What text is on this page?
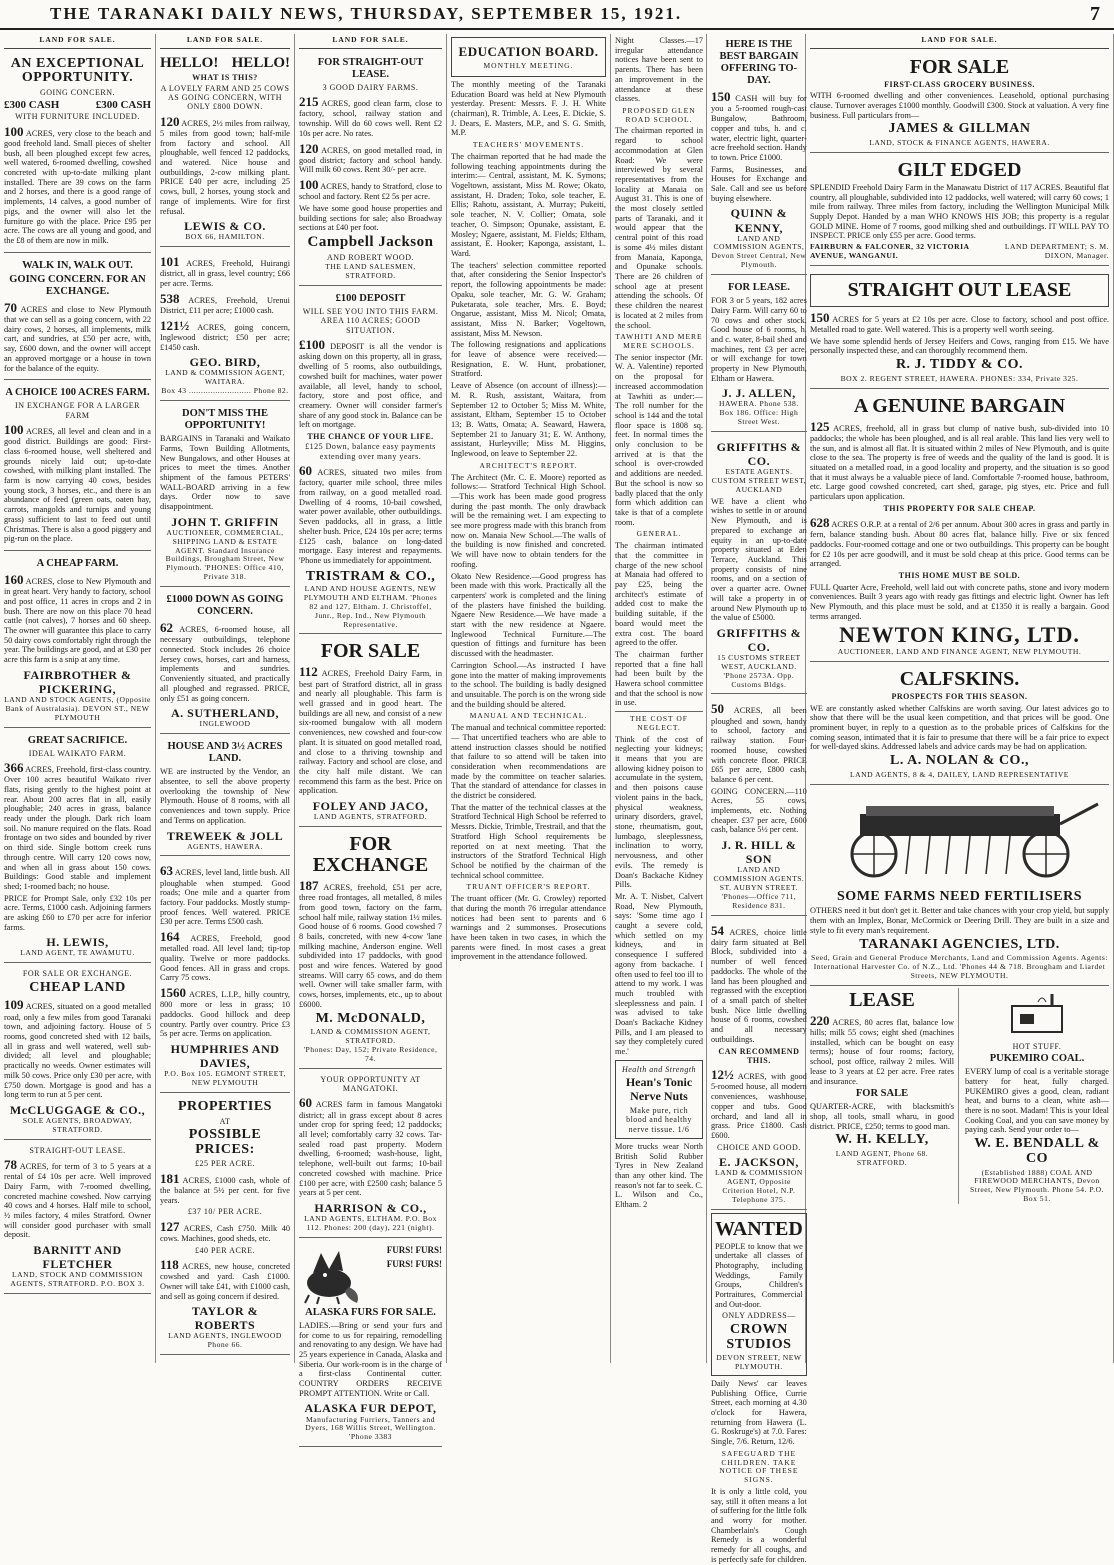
THE TARANAKI DAILY NEWS, THURSDAY, SEPTEMBER 15, 1921.	7
LAND FOR SALE.
AN EXCEPTIONAL OPPORTUNITY.
GOING CONCERN.
£300 CASH	£300 CASH
WITH FURNITURE INCLUDED.

100 ACRES, very close to the beach and good freehold land. Small pieces of shelter bush, all been ploughed except few acres, well watered, 6-roomed dwelling, cowshed concreted with up-to-date milking plant installed. There are 39 cows on the farm and 2 horses, and there is a good range of implements, 14 calves, a good number of pigs, and the owner will also let the furniture go with the place. Price £95 per acre. The cows are all young and good, and the £8 of them are now in milk.

WALK IN, WALK OUT.
GOING CONCERN. FOR AN EXCHANGE.

70 ACRES and close to New Plymouth that we can sell as a going concern, with 22 dairy cows, 2 horses, all implements, milk cart, and sundries, at £50 per acre, with, say, £600 down, and the owner will accept an approved mortgage or a house in town for the balance of the equity.

A CHOICE 100 ACRES FARM.
IN EXCHANGE FOR A LARGER FARM

100 ACRES, all level and clean and in a good district. Buildings are good: First-class 6-roomed house, well sheltered and grounds nicely laid out; up-to-date cowshed, with milking plant installed. The farm is now carrying 40 cows, besides young stock, 3 horses, etc., and there is an abundance of feed (green oats, oaten hay, carrots, mangolds and turnips and young grass) sufficient to last to feed out until Christmas. There is also a good piggery and pig-run on the place.

A CHEAP FARM.

160 ACRES, close to New Plymouth and in great heart. Very handy to factory, school and post office, 11 acres in crops and 2 in bush. There are now on this place 70 head cattle (not calves), 7 horses and 60 sheep. The owner will guarantee this place to carry 50 dairy cows comfortably right through the year. The buildings are good, and at £30 per acre this farm is a snip at any time.

FAIRBROTHER & PICKERING,
LAND AND STOCK AGENTS, (Opposite Bank of Australasia). DEVON ST., NEW PLYMOUTH
GREAT SACRIFICE.
IDEAL WAIKATO FARM.

366 ACRES, Freehold, first-class country. Over 100 acres beautiful Waikato river flats, rising gently to the highest point at rear. About 200 acres flat in all, easily ploughable; 240 acres in grass, balance ready under the plough. Dark rich loam soil. No manure required on the flats. Road frontage on two sides and bounded by river on third side. Single bottom creek runs through centre. Will carry 120 cows now, and when all in grass about 150 cows. Buildings: Good stable and implement shed; 1-roomed bach; no house.

PRICE for Prompt Sale, only £32 10s per acre. Terms, £1000 cash. Adjoining farmers are asking £60 to £70 per acre for inferior farms.

H. LEWIS,
LAND AGENT, TE AWAMUTU.
FOR SALE OR EXCHANGE.
CHEAP LAND

109 ACRES, situated on a good metalled road, only a few miles from good Taranaki town, and adjoining factory. House of 5 rooms, good concreted shed with 12 bails, all in grass and well watered, well sub-divided; all level and ploughable; practically no weeds. Owner estimates will milk 50 cows. Price only £30 per acre, with £750 down. Mortgage is good and has a long term to run at 5 per cent.

McCLUGGAGE & CO.,
SOLE AGENTS, BROADWAY, STRATFORD.
STRAIGHT-OUT LEASE.

78 ACRES, for term of 3 to 5 years at a rental of £4 10s per acre. Well improved Dairy Farm, with 7-roomed dwelling, concreted machine cowshed. Now carrying 40 cows and 4 horses. Half mile to school, ½ miles factory, 4 miles Stratford. Owner will consider good purchaser with small deposit.

BARNITT AND FLETCHER
LAND, STOCK AND COMMISSION AGENTS, STRATFORD. P.O. BOX 3.
LAND FOR SALE.
HELLO! HELLO!
WHAT IS THIS?
A LOVELY FARM AND 25 COWS AS GOING CONCERN, WITH ONLY £800 DOWN.

120 ACRES, 2½ miles from railway, 5 miles from good town; half-mile from factory and school. All ploughable, well fenced 12 paddocks, and watered. Nice house and outbuildings, 2-cow milking plant. PRICE £40 per acre, including 25 cows, bull, 2 horses, young stock and range of implements. Wire for first refusal.

LEWIS & CO.
BOX 66, HAMILTON.

101 ACRES, Freehold, Huirangi district, all in grass, level country; £66 per acre. Terms.

538 ACRES, Freehold, Urenui District, £11 per acre; £1000 cash.

121½ ACRES, going concern, Inglewood district; £50 per acre; £1450 cash.

GEO. BIRD,
LAND & COMMISSION AGENT, WAITARA.
Box 43 .......................... Phone 82.
DON'T MISS THE OPPORTUNITY!

BARGAINS in Taranaki and Waikato Farms, Town Building Allotments, New Bungalows, and other Houses at prices to meet the times. Another shipment of the famous PETERS' WALL-BOARD arriving in a few days. Order now to save disappointment.

JOHN T. GRIFFIN
AUCTIONEER, COMMERCIAL, SHIPPING LAND & ESTATE AGENT. Standard Insurance Buildings, Brougham Street, New Plymouth. 'PHONES: Office 410, Private 318.
£1000 DOWN AS GOING CONCERN.

62 ACRES, 6-roomed house, all necessary outbuildings, telephone connected. Stock includes 26 choice Jersey cows, horses, cart and harness, implements and sundries. Conveniently situated, and practically all ploughed and regrassed. PRICE, only £51 as going concern.

A. SUTHERLAND,
INGLEWOOD
HOUSE AND 3½ ACRES LAND.

WE are instructed by the Vendor, an absentee, to sell the above property overlooking the township of New Plymouth. House of 8 rooms, with all conveniences and town supply. Price and Terms on application.

TREWEEK & JOLL
AGENTS, HAWERA.

63 ACRES, level land, little bush. All ploughable when stumped. Good roads; One mile and a quarter from factory. Four paddocks. Mostly stump-proof fences. Well watered. PRICE £30 per acre. Terms £500 cash.

164 ACRES, Freehold, good metalled road. All level land; tip-top quality. Twelve or more paddocks. Good fences. All in grass and crops. Carry 75 cows.

1560 ACRES, L.I.P., hilly country, 800 more or less in grass; 10 paddocks. Good hillock and deep country. Partly over country. Price £3 5s per acre. Terms on application.

HUMPHRIES AND DAVIES,
P.O. Box 105. EGMONT STREET, NEW PLYMOUTH
PROPERTIES
AT
POSSIBLE PRICES:
£25 PER ACRE.

181 ACRES, £1000 cash, whole of the balance at 5½ per cent. for five years.

£37 10/ PER ACRE.

127 ACRES, Cash £750. Milk 40 cows. Machines, good sheds, etc.

£40 PER ACRE.

118 ACRES, new house, concreted cowshed and yard. Cash £1000. Owner will take £41, with £1000 cash, and sell as going concern if desired.

TAYLOR & ROBERTS
LAND AGENTS, INGLEWOOD Phone 66.
LAND FOR SALE.
FOR STRAIGHT-OUT LEASE.
3 GOOD DAIRY FARMS.

215 ACRES, good clean farm, close to factory, school, railway station and township. Will do 60 cows well. Rent £2 10s per acre. No rates.

120 ACRES, on good metalled road, in good district; factory and school handy. Will milk 60 cows. Rent 30/- per acre.

100 ACRES, handy to Stratford, close to school and factory. Rent £2 5s per acre.

We have some good house properties and building sections for sale; also Broadway sections at £40 per foot.

Campbell Jackson
AND ROBERT WOOD.
THE LAND SALESMEN, STRATFORD.
£100 DEPOSIT
WILL SEE YOU INTO THIS FARM. AREA 110 ACRES; GOOD SITUATION.

£100 DEPOSIT is all the vendor is asking down on this property, all in grass, dwelling of 5 rooms, also outbuildings, cowshed built for machines, water power available, all level, handy to school, factory, store and post office, and creamery. Owner will consider farmer's share of any good stock in. Balance can be left on mortgage.

THE CHANCE OF YOUR LIFE.
£125 Down, balance easy payments extending over many years.

60 ACRES, situated two miles from factory, quarter mile school, three miles from railway, on a good metalled road. Dwelling of 4 rooms, 10-bail cowshed, water power available, other outbuildings. Seven paddocks, all in grass, a little shelter bush. Price, £24 10s per acre; terms £125 cash, balance on long-dated mortgage. Easy interest and repayments. 'Phone us immediately for appointment.

TRISTRAM & CO.,
LAND AND HOUSE AGENTS, NEW PLYMOUTH AND ELTHAM. 'Phones 82 and 127, Eltham. J. Christoffel, Junr., Rep. Ind., New Plymouth Representative.
FOR SALE

112 ACRES, Freehold Dairy Farm, in best part of Stratford district, all in grass and nearly all ploughable. This farm is well grassed and in good heart. The buildings are all new, and consist of a new six-roomed bungalow with all modern conveniences, new cowshed and four-cow plant. It is situated on good metalled road, and close to a thriving township and railway. Factory and school are close, and the city half mile distant. We can recommend this farm as the best. Price on application.

FOLEY AND JACO,
LAND AGENTS, STRATFORD.
FOR EXCHANGE

187 ACRES, freehold, £51 per acre, three road frontages, all metalled, 8 miles from good town, factory on the farm, school half mile, railway station 1½ miles. Good house of 6 rooms. Good cowshed 7 8 bails, concreted, with new 4-cow 'lane milking machine, Anderson engine. Well subdivided into 17 paddocks, with good post and wire fences. Watered by good streams. Will carry 65 cows, and do them well. Owner will take smaller farm, with cows, horses, implements, etc., up to about £6000.

M. McDONALD,
LAND & COMMISSION AGENT, STRATFORD.
'Phones: Day, 152; Private Residence, 74.
YOUR OPPORTUNITY AT MANGATOKI.

60 ACRES farm in famous Mangatoki district; all in grass except about 8 acres under crop for spring feed; 12 paddocks; all level; comfortably carry 32 cows. Tar-sealed road past property. Modern dwelling, 6-roomed; wash-house, light, telephone, well-built out farms; 10-bail concreted cowshed with machine. Price £100 per acre, with £2500 cash; balance 5 years at 5 per cent.

HARRISON & CO.,
LAND AGENTS, ELTHAM. P.O. Box 112. Phones: 200 (day), 221 (night).
FURS! FURS! FURS! FURS!
ALASKA FURS FOR SALE.

LADIES.—Bring or send your furs and for come to us for repairing, remodelling and renovating to any design. We have had 25 years experience in Canada, Alaska and Siberia. Our work-room is in the charge of a first-class Continental cutter. COUNTRY ORDERS RECEIVE PROMPT ATTENTION. Write or Call.

ALASKA FUR DEPOT,
Manufacturing Furriers, Tanners and Dyers, 168 Willis Street, Wellington. 'Phone 3383
EDUCATION BOARD.
MONTHLY MEETING.

The monthly meeting of the Taranaki Education Board was held at New Plymouth yesterday. Present: Messrs. F. J. H. White (chairman), R. Trimble, A. Lees, E. Dickie, S. J. Dears, E. Masters, M.P., and S. G. Smith, M.P.

TEACHERS' MOVEMENTS.

The chairman reported that he had made the following teaching appointments during the interim:— Central, assistant, M. K. Symons; Vogeltown, assistant, Miss M. Rowe; Okato, assistant, H. Draden; Toko, sole teacher, E. Ellis; Rahotu, assistant, A. Murray; Pukeiti, sole teacher, N. V. Collier; Omata, sole teacher, O. Simpson; Opunake, assistant, E. Mosley; Ngaere, assistant, M. Fields; Eltham, assistant, E. Hooker; Kaponga, assistant, L. Ward.

The teachers' selection committee reported that, after considering the Senior Inspector's report, the following appointments be made: Opaku, sole teacher, Mr. G. W. Graham; Puketarata, sole teacher, Mrs. E. Boyd; Ongarue, assistant, Miss M. Nicol; Omata, assistant, Miss N. Barker; Vogeltown, assistant, Miss M. Newson.

The following resignations and applications for leave of absence were received:— Resignation, E. W. Hunt, probationer, Stratford.

Leave of Absence (on account of illness):— M. R. Rush, assistant, Waitara, from September 12 to October 5; Miss M. White, assistant, Eltham, September 15 to October 13; B. Watts, Omata; A. Seaward, Hawera, September 21 to January 31; E. W. Anthony, assistant, Hurleyville; Miss M. Higgins, Inglewood, on leave to September 22.

ARCHITECT'S REPORT.

The Architect (Mr. C. E. Moore) reported as follows:— Stratford Technical High School.—This work has been made good progress during the past month. The only drawback will be the remaining wet. I am expecting to see more progress made with this branch from now on. Manaia New School.—The walls of the building is now finished and concreted. We will have now to obtain tenders for the roofing.

Okato New Residence.—Good progress has been made with this work. Practically all the carpenters' work is completed and the lining of the plasters have finished the building. Ngaere New Residence.—We have made a start with the new residence at Ngaere. Inglewood Technical Furniture.—The question of fittings and furniture has been discussed with the headmaster.

Carrington School.—As instructed I have gone into the matter of making improvements to the school. The building is badly designed and unsuitable. The porch is on the wrong side and the building should be altered.

MANUAL AND TECHNICAL.

The manual and technical committee reported:— That uncertified teachers who are able to attend instruction classes should be notified that failure to so attend will be taken into consideration when recommendations are made by the committee on teacher salaries. That the standard of attendance for classes in the district be considered.

That the matter of the technical classes at the Stratford Technical High School be referred to Messrs. Dickie, Trimble, Trestrail, and that the Stratford High School requirements be reported on at next meeting. That the instructors of the Stratford Technical High School be notified by the chairman of the technical school committee.

TRUANT OFFICER'S REPORT.

The truant officer (Mr. G. Crowley) reported that during the month 76 irregular attendance notices had been sent to parents and 6 warnings and 2 summonses. Prosecutions have been taken in two cases, in which the parents were fined. In most cases a great improvement in the attendance followed.

Night Classes.—17 irregular attendance notices have been sent to parents. There has been an improvement in the attendance at these classes.

PROPOSED GLEN ROAD SCHOOL.

The chairman reported in regard to school accommodation at Glen Road: We were interviewed by several representatives from the locality at Manaia on August 31. This is one of the most closely settled parts of Taranaki, and it would appear that the central point of this road is some 4½ miles distant from Manaia, Kaponga, and Opunake schools. There are 26 children of school age at present attending the schools. Of these children the nearest is located at 2 miles from the school.

TAWHITI AND MERE MERE SCHOOLS.

The senior inspector (Mr. W. A. Valentine) reported on the proposal for increased accommodation at Tawhiti as under:— The roll number for the school is 144 and the total floor space is 1808 sq. feet. In normal times the only conclusion to be arrived at is that the school is over-crowded and additions are needed. But the school is now so badly placed that the only form which addition can take is that of a complete room.

GENERAL.

The chairman intimated that the committee in charge of the new school at Manaia had offered to pay £25, being the architect's estimate of added cost to make the building suitable, if the board would meet the extra cost. The board agreed to the offer.

The chairman further reported that a fine hall had been built by the Hawera school committee and that the school is now in use.

THE COST OF NEGLECT.

Think of the cost of neglecting your kidneys; it means that you are allowing kidney poison to accumulate in the system, and then poisons cause violent pains in the back, physical weakness, urinary disorders, gravel, stone, rheumatism, gout, lumbago, sleeplessness, inclination to worry, nervousness, and other evils. The remedy is Doan's Backache Kidney Pills.

Mr. A. T. Nisbet, Calvert Road, New Plymouth, says: 'Some time ago I caught a severe cold, which settled on my kidneys, and in consequence I suffered agony from backache. I often used to feel too ill to attend to my work. I was much troubled with sleeplessness and pain. I was advised to take Doan's Backache Kidney Pills, and I am pleased to say they completely cured me.'

Health and Strength
Hean's Tonic Nerve Nuts
Make pure, rich blood and healthy nerve tissue. 1/6

More trucks wear North British Solid Rubber Tyres in New Zealand than any other kind. The reason's not far to seek. C. L. Wilson and Co., Eltham. 2

HERE IS THE BEST BARGAIN OFFERING TO-DAY.

150 CASH will buy for you a 5-roomed rough-cast Bungalow, Bathroom, copper and tubs, h. and c. water, electric light, quarter-acre freehold section. Handy to town. Price £1000.

Farms, Businesses, and Houses for Exchange and Sale. Call and see us before buying elsewhere.

QUINN & KENNY,
LAND AND COMMISSION AGENTS, Devon Street Central, New Plymouth.
FOR LEASE.

FOR 3 or 5 years, 182 acres Dairy Farm. Will carry 60 to 70 cows and other stock. Good house of 6 rooms, h. and c. water, 8-bail shed and machines, rent £3 per acre, or will exchange for town property in New Plymouth, Eltham or Hawera.

J. J. ALLEN,
HAWERA. Phone 538. Box 186. Office: High Street West.
GRIFFITHS & CO.
ESTATE AGENTS. CUSTOM STREET WEST, AUCKLAND

WE have a client who wishes to settle in or around New Plymouth, and is prepared to exchange an equity in an up-to-date property situated at Eden Terrace, Auckland. This property consists of nine rooms, and on a section of over a quarter acre. Owner will take a property in or around New Plymouth up to the value of £5000.

GRIFFITHS & CO.
15 CUSTOMS STREET WEST, AUCKLAND. 'Phone 2573A. Opp. Customs Bldgs.

50 ACRES, all been ploughed and sown, handy to school, factory and railway station. Four-roomed house, cowshed with concrete floor. PRICE £65 per acre, £800 cash, balance 6 per cent.

GOING CONCERN.—110 Acres, 55 cows, implements, etc. Nothing cheaper. £37 per acre, £600 cash, balance 5½ per cent.

J. R. HILL & SON
LAND AND COMMISSION AGENTS. ST. AUBYN STREET. 'Phones—Office 711, Residence 831.

54 ACRES, choice little dairy farm situated at Bell Block, subdivided into a number of well fenced paddocks. The whole of the land has been ploughed and regrassed with the exception of a small patch of shelter bush. Nice little dwelling house of 6 rooms, cowshed and all necessary outbuildings.

CAN RECOMMEND THIS.

12½ ACRES, with good 5-roomed house, all modern conveniences, washhouse, copper and tubs. Good orchard, and land all in grass. Price £1800. Cash £600.

CHOICE AND GOOD.
E. JACKSON,
LAND & COMMISSION AGENT, Opposite Criterion Hotel, N.P. Telephone 375.
WANTED

PEOPLE to know that we undertake all classes of Photography, including Weddings, Family Groups, Children's Portraitures, Commercial and Out-door.

ONLY ADDRESS—
CROWN STUDIOS
DEVON STREET, NEW PLYMOUTH.

Daily News' car leaves Publishing Office, Currie Street, each morning at 4.30 o'clock for Hawera, returning from Hawera (L. G. Roskruge's) at 7.0. Fares: Single, 7/6. Return, 12/6.

SAFEGUARD THE CHILDREN. TAKE NOTICE OF THESE SIGNS.

It is only a little cold, you say, still it often means a lot of suffering for the little folk and worry for mother. Chamberlain's Cough Remedy is a wonderful remedy for all coughs, and is perfectly safe for children.

LAND FOR SALE.
FOR SALE
FIRST-CLASS GROCERY BUSINESS.

WITH 6-roomed dwelling and other conveniences. Leasehold, optional purchasing clause. Turnover averages £1000 monthly. Goodwill £300. Stock at valuation. A very fine business. Full particulars from—

JAMES & GILLMAN
LAND, STOCK & FINANCE AGENTS, HAWERA.
GILT EDGED

SPLENDID Freehold Dairy Farm in the Manawatu District of 117 ACRES. Beautiful flat country, all ploughable, subdivided into 12 paddocks, well watered; will carry 60 cows; 1 mile from railway. Three miles from factory, including the Wellington Municipal Milk Supply Depot. Handed by a man WHO KNOWS HIS JOB; this property is a regular GOLD MINE. Home of 7 rooms, good milking shed and outbuildings. IT WILL PAY TO INSPECT. PRICE only £55 per acre. Good terms.

FAIRBURN & FALCONER, 32 VICTORIA AVENUE, WANGANUI.
LAND DEPARTMENT; S. M. DIXON, Manager.
STRAIGHT OUT LEASE

150 ACRES for 5 years at £2 10s per acre. Close to factory, school and post office. Metalled road to gate. Well watered. This is a property well worth seeing.

We have some splendid herds of Jersey Heifers and Cows, ranging from £15. We have personally inspected these, and can thoroughly recommend them.

R. J. TIDDY & CO.
BOX 2. REGENT STREET, HAWERA. PHONES: 334, Private 325.
A GENUINE BARGAIN

125 ACRES, freehold, all in grass but clump of native bush, sub-divided into 10 paddocks; the whole has been ploughed, and is all real arable. This land lies very well to the sun, and is almost all flat. It is situated within 2 miles of New Plymouth, and is quite close to the sea. The property is free of weeds and the quality of the land is good. It is situated on a metalled road, in a good locality and property, and the situation is so good that it must always be a valuable piece of land. Comfortable 7-roomed house, bathroom, etc. Large good cowshed concreted, cart shed, garage, pig styes, etc. Price and full particulars upon application.

THIS PROPERTY FOR SALE CHEAP.

628 ACRES O.R.P. at a rental of 2/6 per annum. About 300 acres in grass and partly in fern, balance standing bush. About 80 acres flat, balance hilly. Five or six fenced paddocks. Four-roomed cottage and one or two outbuildings. This property can be bought for £2 10s per acre goodwill, and it must be sold cheap at this price. Good terms can be arranged.

THIS HOME MUST BE SOLD.

FULL Quarter Acre, Freehold, well laid out with concrete paths, stone and ivory modern conveniences. Built 3 years ago with ready gas fittings and electric light. Owner has left New Plymouth, and this place must be sold, and at £1350 it is really a bargain. Good terms arranged.

NEWTON KING, LTD.
AUCTIONEER, LAND AND FINANCE AGENT, NEW PLYMOUTH.
CALFSKINS.
PROSPECTS FOR THIS SEASON.

WE are constantly asked whether Calfskins are worth saving. Our latest advices go to show that there will be the usual keen competition, and that prices will be good. One prominent buyer, in reply to a question as to the probable prices of Calfskins for the coming season, intimated that it is fair to presume that there will be a fair price to expect for well-dayed skins. Addressed labels and advice cards may be had on application.

L. A. NOLAN & CO.,
LAND AGENTS, 8 & 4, DAILEY, LAND REPRESENTATIVE
SOME FARMS NEED FERTILISERS

OTHERS need it but don't get it. Better and take chances with your crop yield, but supply them with an Implex, Bonar, McCormick or Deering Drill. They are built in a size and style to fit every man's requirement.

TARANAKI AGENCIES, LTD.
Seed, Grain and General Produce Merchants, Land and Commission Agents. Agents: International Harvester Co. of N.Z., Ltd. 'Phones 44 & 718. Brougham and Liardet Streets, NEW PLYMOUTH.
LEASE

220 ACRES, 80 acres flat, balance low hills; milk 55 cows; eight shed (machines installed, which can be bought on easy terms); house of four rooms; factory, school, post office, railway 2 miles. Will lease to 3 years at £2 per acre. Free rates and insurance.

FOR SALE

QUARTER-ACRE, with blacksmith's shop, all tools, small wharu, in good district. PRICE, £250; terms to good man.

W. H. KELLY,
LAND AGENT, Phone 68. STRATFORD.
HOT STUFF.
PUKEMIRO COAL.

EVERY lump of coal is a veritable storage battery for heat, fully charged. PUKEMIRO gives a good, clean, radiant heat, and burns to a clean, white ash—there is no soot. Madam! This is your Ideal Cooking Coal, and you can save money by paying cash. Send your order to—

W. E. BENDALL & CO
(Established 1888) COAL AND FIREWOOD MERCHANTS, Devon Street, New Plymouth. Phone 54. P.O. Box 51.
